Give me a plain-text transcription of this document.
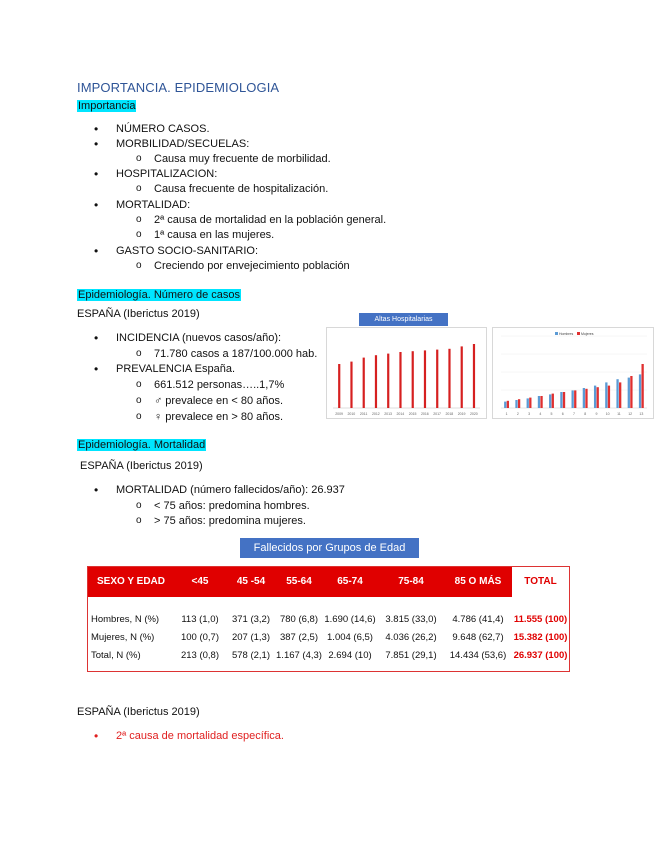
IMPORTANCIA. EPIDEMIOLOGIA
Importancia
• NÚMERO CASOS.
• MORBILIDAD/SECUELAS:
o Causa muy frecuente de morbilidad.
• HOSPITALIZACION:
o Causa frecuente de hospitalización.
• MORTALIDAD:
o 2ª causa de mortalidad en la población general.
o 1ª causa en las mujeres.
• GASTO SOCIO-SANITARIO:
o Creciendo por envejecimiento población
Epidemiología. Número de casos
ESPAÑA (Iberictus 2019)
• INCIDENCIA (nuevos casos/año):
o 71.780 casos a 187/100.000 hab.
• PREVALENCIA España.
o 661.512 personas…..1,7%
o ♂ prevalece en < 80 años.
o ♀ prevalece en > 80 años.
Altas Hospitalarias
2009 2010 2011 2012 2013 2014 2015 2016 2017 2018 2019 2020
Hombres Mujeres
1	2	3	4	5	6	7	8	9 10 11 12 13
Epidemiología. Mortalidad
ESPAÑA (Iberictus 2019)
• MORTALIDAD (número fallecidos/año): 26.937
o < 75 años: predomina hombres.
o > 75 años: predomina mujeres.
Fallecidos por Grupos de Edad
SEXO Y EDAD	<45	45 -54	55-64	65-74	75-84	85 O MÁS	TOTAL
Hombres, N (%)	113 (1,0)	371 (3,2)	780 (6,8) 1.690 (14,6)	3.815 (33,0)	4.786 (41,4)	11.555 (100)
Mujeres, N (%)	100 (0,7)	207 (1,3)	387 (2,5) 1.004 (6,5)	4.036 (26,2)	9.648 (62,7)	15.382 (100)
Total, N (%)	213 (0,8)	578 (2,1) 1.167 (4,3) 2.694 (10)	7.851 (29,1)	14.434 (53,6) 26.937 (100)
ESPAÑA (Iberictus 2019)
• 2ª causa de mortalidad específica.
